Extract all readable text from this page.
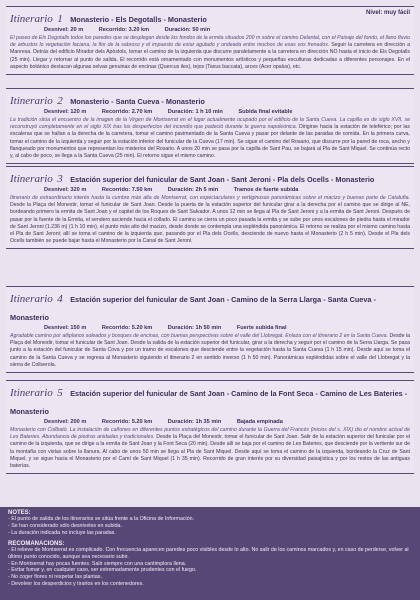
Itinerario 1 Monasterio - Els Degotalls - Monasterio
Nivel: muy fácil
Desnivel: 20 m	Recorrido: 3.20 km	Duración: 50 min
El paseo de Els Degotalls todos los paredes que se desplegan desde los fondos de la ermita situados 200 m sobre el camino Delantal, con el Paisaje del fondo, el llano fluvio de arbustos lo vegetación faciana, la flor de la sabroso y el impuesto de estar agulado y ondeada entre muchos de esas vos frenados. Seguir la carretera en dirección a Manresa. Detrás del edificio Mirador dels Apòstols, tomar el camino de la izquierda que discurre paralelamente a la carretera en dirección NO hasta el inicio de Els Degotalls (25 min). Llegar y retornar al punto de salida. El recorrido está ornamentado con monumentos artísticos y pequeñas esculturas dedicadas a diferentes personajes. En el aspecto botánico destacan algunas selvas genuinas de encinas (Quercus ilex), tejos (Taxus baccata), arces (Acer opalus), etc.
Itinerario 2 Monasterio - Santa Cueva - Monasterio
Desnivel: 120 m	Recorrido: 2.70 km	Duración: 1 h 10 min	Subida final evitable
La tradición sitúa el encuentro de la imagen de la Virgen de Montserrat en el lugar actualmente ocupado por el edificio de la Santa Cueva. La capilla es de siglo XVII, se reconstruyó completamente en el siglo XIX tras los desperfectos del incendio que padeció durante la guerra napoleónica. Dirigirse hacia la estación de teleférico; por las escaleras que se hallan a la derecha de la carretera, tomar el camino pavimentado de la Santa Cueva y pasar por delante de las paradas de comida. En la primera curva, tomar el camino de la izquierda y seguir por la estación inferior del funicular de la Cueva (17 min). Se sigue el camino del Rosario, que discurre por la pared de roca, ancho y flanqueado por monumentos que representan los misterios del Rosario. A unos 20 min se pasa por la capilla de Sant Pau, se bajará al Pla de Sant Miquel. Se continúa recto y, al cabo de poco, se llega a la Santa Cueva (25 min). El retorno sigue el mismo camino.
Itinerario 3 Estación superior del funicular de Sant Joan - Sant Jeroni - Pla dels Ocells - Monasterio
Desnivel: 320 m	Recorrido: 7.50 km	Duración: 2h 5 min	Tramos de fuerte subida
Itinerario de extraordinario interés hasta la cumbre más alta de Montserrat, con espectaculares y vertiginosas panorámicas sobre el macizo y buenas parte de Cataluña. Desde la Plaça del Monestir, tomar el funicular de Sant Joan. Desde la puerta de la estación superior del funicular girar a la derecha por el camino que se dirige al NE, bordeando primero la ermita de Sant Joan y el capitel de los Roques de Sant Salvador. A unos 12 min se llega al Pla de Sant Jeroni y a la ermita de Sant Jeroni. Después de pasar por la fuente de la Ermita, el sendero asciende hacia el collado. El camino se cierra un poco pasada la ermita y se sube por unos escalones de piedra hasta el mirador de Sant Jeroni (1.236 m) (1 h 10 min), el punto más alto del macizo, desde donde se contempla una espléndida panorámica. El retorno se realiza por el mismo camino hasta el Pla de Sant Jeroni; allí se toma el camino de la izquierda que, pasando por el Pla dels Ocells, desciende de nuevo hasta el Monasterio (2 h 5 min). Desde el Pla dels Ocells también se puede bajar hasta el Monasterio por la Canal de Sant Jeroni.
Itinerario 4 Estación superior del funicular de Sant Joan - Camino de la Serra Llarga - Santa Cueva - Monasterio
Desnivel: 150 m	Recorrido: 5.20 km	Duración: 1h 50 min	Fuerte subida final
Agradable camino por altiplanos soleados y bosques de encinas, con buenas perspectivas sobre el valle del Llobregat. Enlaza con el itinerario 2 en la Santa Cueva. Desde la Plaça del Monestir, tomar el funicular de Sant Joan. Desde la salida de la estación superior del funicular, girar a la derecha y seguir por el camino de la Serra Llarga. Se pasa junto a la estación del funicular de Santa Cova y por un tramo de escalones que desciende entre la vegetación hasta la Santa Cueva (1 h 15 min). Desde aquí se toma el camino de la Santa Cueva y se regresa al Monasterio siguiendo el itinerario 2 en sentido inverso (1 h 50 min). Panorámicas espléndidas sobre el valle del Llobregat y la sierra de Collserola.
Itinerario 5 Estación superior del funicular de Sant Joan - Camino de la Font Seca - Camino de Les Bateries - Monasterio
Desnivel: 200 m	Recorrido: 5.20 km	Duración: 1h 35 min	Bajada empinada
Monasterio con Collbató. La instalación de cañones en diferentes puntos estratégicos del camino durante la Guerra del Francés (inicios del s. XIX) dio el nombre actual de Les Bateries. Abundancia de piedras anidadas y tradicionales. Desde la Plaça del Monestir, tomar el funicular de Sant Joan. Salir de la estación superior del funicular por el camino de la izquierda, que se dirige a la ermita de Sant Joan y la Font Seca (20 min). Desde allí se baja por el camino de Les Bateries, que desciende por la vertiente sur de la montaña con vistas sobre la llanura. Al cabo de unos 50 min se llega al Pla de Sant Miquel. Desde aquí se toma el camino de la izquierda, bordeando la Cruz de Sant Miquel, y se sigue hacia el Monasterio por el Camí de Sant Miquel (1 h 35 min). Recorrido de gran interés por su diversidad paisajística y por los restos de las antiguas baterías.
NOTES:
- El punto de salida de los itinerarios se sitúa frente a la Oficina de Información.
- Se han considerado sólo desniveles en subida.
- La duración indicada no incluye las paradas.
RECOMANACIONS:
- El relieve de Montserrat es complicado. Con frecuencia aparecen paredes poco visibles desde lo alto. No salir de los caminos marcados y, en caso de perderse, volver al último punto conocido, aunque sea necesario subir.
- En Montserrat hay pocas fuentes. Salir siempre con una cantimplora llena.
- Evitar fumar y, en cualquier caso, ser extremadamente prudentes con el fuego.
- No coger flores ni respetar las plantas.
- Devolver los desperdicios y tirarlos en los contenedores.
